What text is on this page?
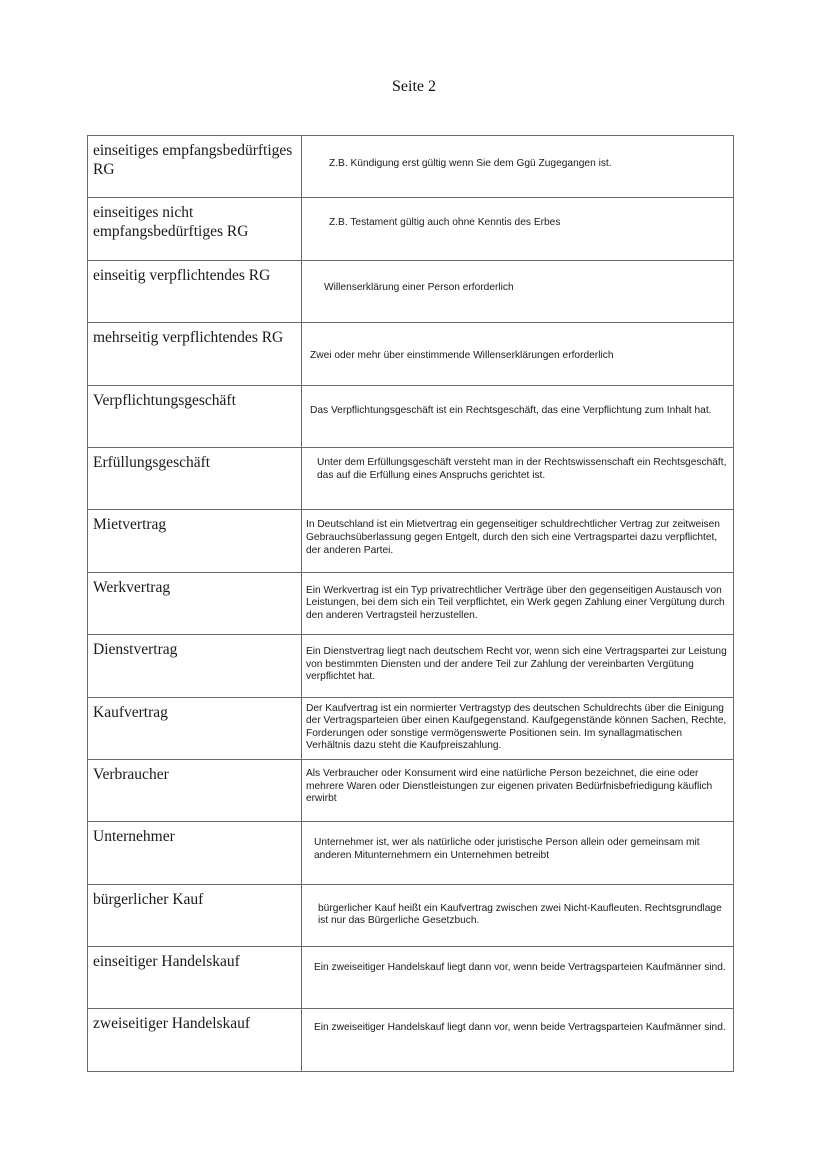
Seite 2
einseitiges empfangsbedürftiges RG	Z.B. Kündigung erst gültig wenn Sie dem Ggü Zugegangen ist.

einseitiges nicht empfangsbedürftiges RG	Z.B. Testament gültig auch ohne Kenntis des Erbes

einseitig verpflichtendes RG	Willenserklärung einer Person erforderlich

mehrseitig verpflichtendes RG	Zwei oder mehr über einstimmende Willenserklärungen erforderlich

Verpflichtungsgeschäft	Das Verpflichtungsgeschäft ist ein Rechtsgeschäft, das eine Verpflichtung zum Inhalt hat.

Erfüllungsgeschäft	Unter dem Erfüllungsgeschäft versteht man in der Rechtswissenschaft ein Rechtsgeschäft, das auf die Erfüllung eines Anspruchs gerichtet ist.

Mietvertrag	In Deutschland ist ein Mietvertrag ein gegenseitiger schuldrechtlicher Vertrag zur zeitweisen Gebrauchsüberlassung gegen Entgelt, durch den sich eine Vertragspartei dazu verpflichtet, der anderen Partei.

Werkvertrag	Ein Werkvertrag ist ein Typ privatrechtlicher Verträge über den gegenseitigen Austausch von Leistungen, bei dem sich ein Teil verpflichtet, ein Werk gegen Zahlung einer Vergütung durch den anderen Vertragsteil herzustellen.

Dienstvertrag	Ein Dienstvertrag liegt nach deutschem Recht vor, wenn sich eine Vertragspartei zur Leistung von bestimmten Diensten und der andere Teil zur Zahlung der vereinbarten Vergütung verpflichtet hat.

Kaufvertrag	Der Kaufvertrag ist ein normierter Vertragstyp des deutschen Schuldrechts über die Einigung der Vertragsparteien über einen Kaufgegenstand. Kaufgegenstände können Sachen, Rechte, Forderungen oder sonstige vermögenswerte Positionen sein. Im synallagmatischen Verhältnis dazu steht die Kaufpreiszahlung.

Verbraucher	Als Verbraucher oder Konsument wird eine natürliche Person bezeichnet, die eine oder mehrere Waren oder Dienstleistungen zur eigenen privaten Bedürfnisbefriedigung käuflich erwirbt

Unternehmer	Unternehmer ist, wer als natürliche oder juristische Person allein oder gemeinsam mit anderen Mitunternehmern ein Unternehmen betreibt

bürgerlicher Kauf	bürgerlicher Kauf heißt ein Kaufvertrag zwischen zwei Nicht-Kaufleuten. Rechtsgrundlage ist nur das Bürgerliche Gesetzbuch.

einseitiger Handelskauf	Ein zweiseitiger Handelskauf liegt dann vor, wenn beide Vertragsparteien Kaufmänner sind.

zweiseitiger Handelskauf	Ein zweiseitiger Handelskauf liegt dann vor, wenn beide Vertragsparteien Kaufmänner sind.
